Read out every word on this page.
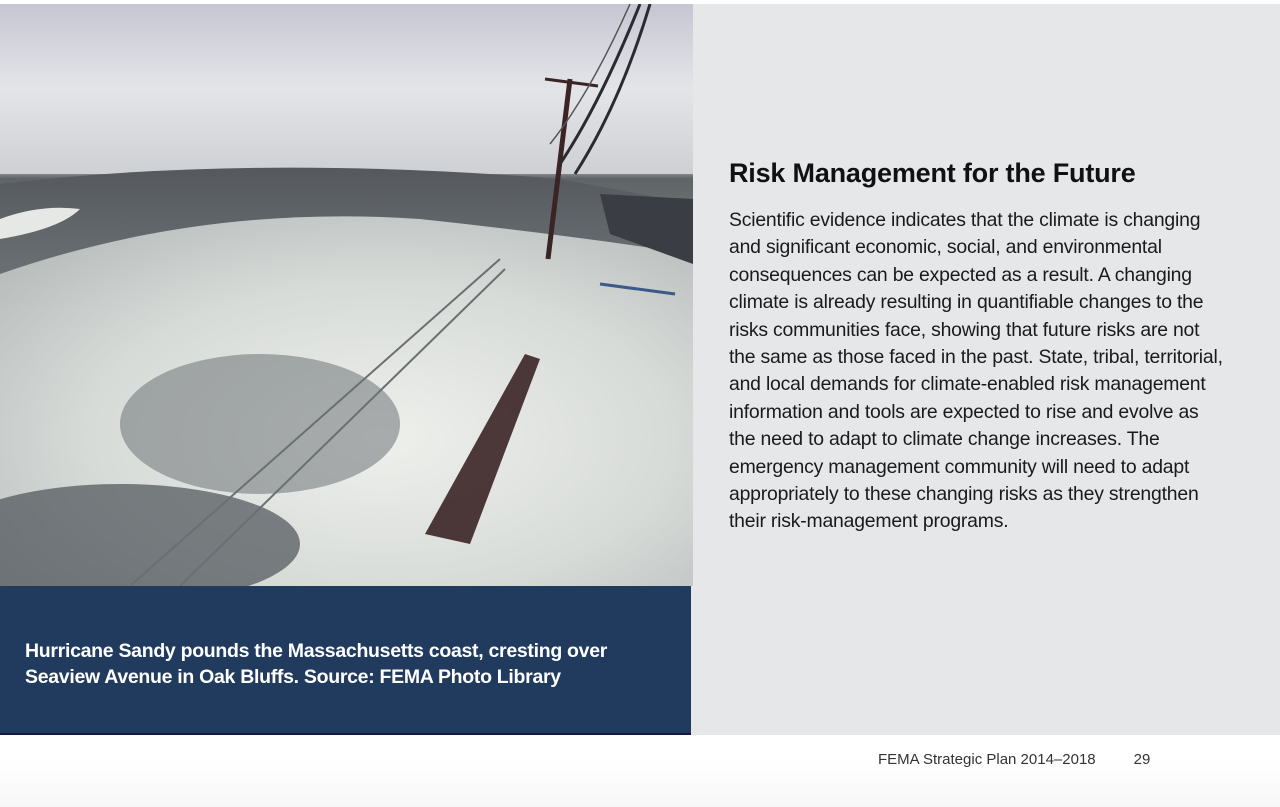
Hurricane Sandy pounds the Massachusetts coast, cresting over Seaview Avenue in Oak Bluffs. Source: FEMA Photo Library
Risk Management for the Future

Scientific evidence indicates that the climate is changing and significant economic, social, and environmental consequences can be expected as a result. A changing climate is already resulting in quantifiable changes to the risks communities face, showing that future risks are not the same as those faced in the past. State, tribal, territorial, and local demands for climate-enabled risk management information and tools are expected to rise and evolve as the need to adapt to climate change increases. The emergency management community will need to adapt appropriately to these changing risks as they strengthen their risk-management programs.

FEMA Strategic Plan 2014–2018	29
